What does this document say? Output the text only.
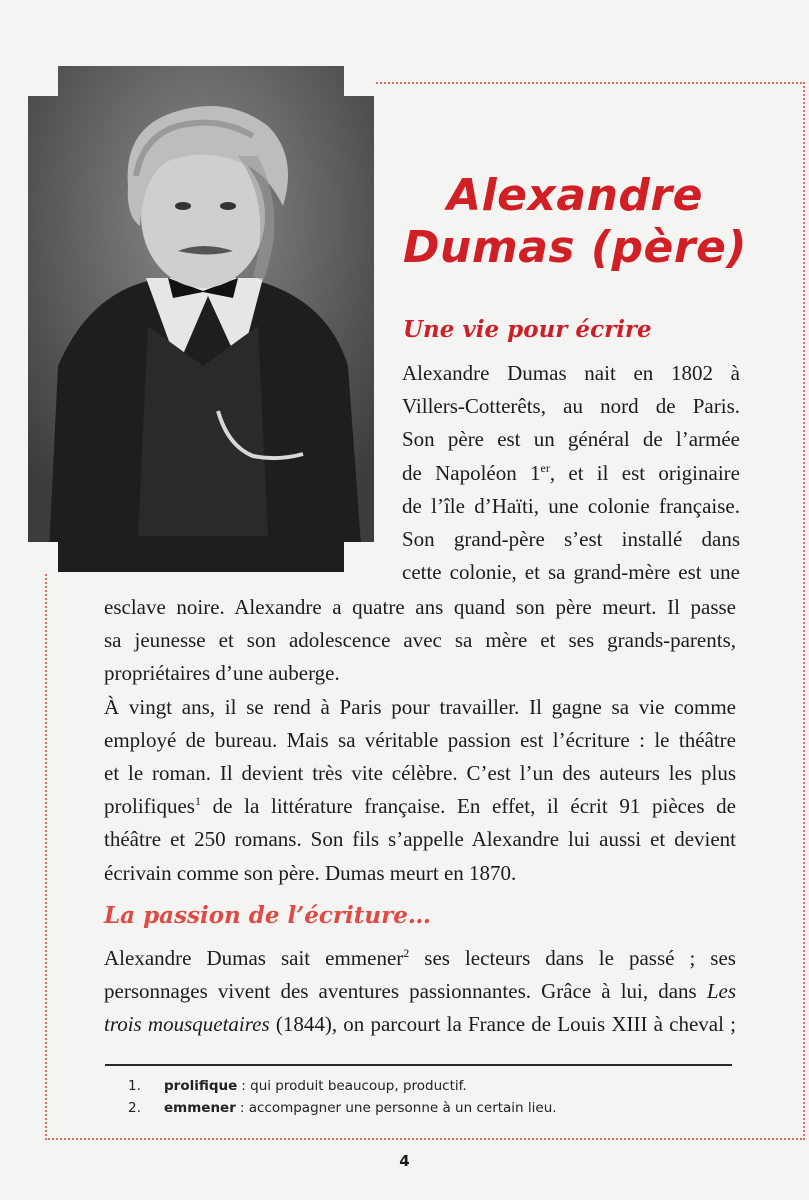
Alexandre
Dumas (père)
Une vie pour écrire
Alexandre Dumas nait en 1802 à
Villers-Cotterêts, au nord de Paris.
Son père est un général de l’armée
de Napoléon 1er, et il est originaire
de l’île d’Haïti, une colonie française.
Son grand-père s’est installé dans
cette colonie, et sa grand-mère est une
esclave noire. Alexandre a quatre ans quand son père meurt. Il passe
sa jeunesse et son adolescence avec sa mère et ses grands-parents,
propriétaires d’une auberge.
À vingt ans, il se rend à Paris pour travailler. Il gagne sa vie comme
employé de bureau. Mais sa véritable passion est l’écriture : le théâtre
et le roman. Il devient très vite célèbre. C’est l’un des auteurs les plus
prolifiques$^1$ de la littérature française. En effet, il écrit 91 pièces de
théâtre et 250 romans. Son fils s’appelle Alexandre lui aussi et devient
écrivain comme son père. Dumas meurt en 1870.
La passion de l’écriture…
Alexandre Dumas sait emmener$^2$ ses lecteurs dans le passé ; ses
personnages vivent des aventures passionnantes. Grâce à lui, dans Les
trois mousquetaires (1844), on parcourt la France de Louis XIII à cheval ;
1.	prolifique : qui produit beaucoup, productif.
2.	emmener : accompagner une personne à un certain lieu.
4
